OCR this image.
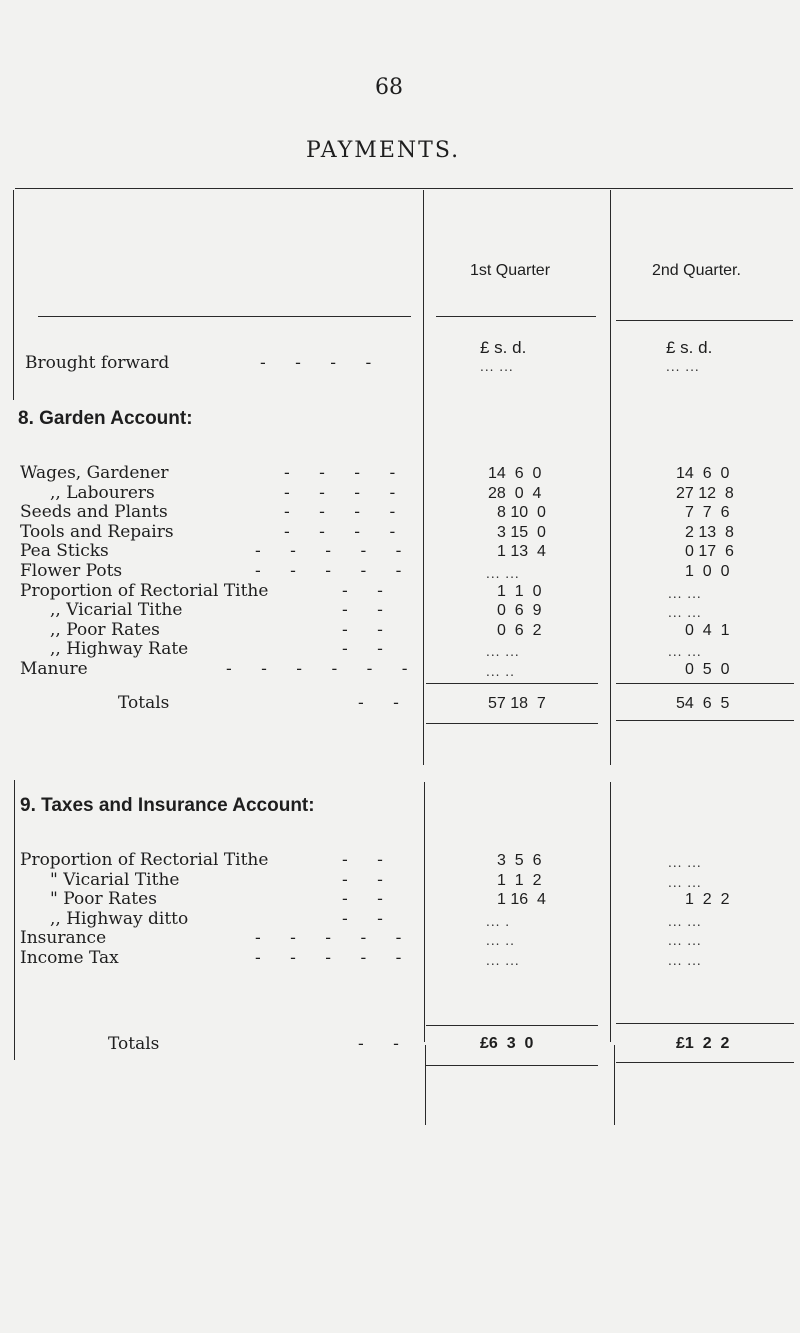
68
PAYMENTS.
1st Quarter	2nd Quarter.
£ s. d.	£ s. d.
Brought forward	- - - -	... ...	... ...
8. Garden Account:
Wages, Gardener	- - - -	14  6  0	14  6  0
,, Labourers	- - - -	28  0  4	27 12  8
Seeds and Plants	- - - -	8 10  0	7  7  6
Tools and Repairs	- - - -	3 15  0	2 13  8
Pea Sticks	- - - - -	1 13  4	0 17  6
Flower Pots	- - - - -	... ...	1  0  0
Proportion of Rectorial Tithe	- -	1  1  0	... ...
,, Vicarial Tithe	- -	0  6  9	... ...
,, Poor Rates	- -	0  6  2	0  4  1
,, Highway Rate	- -	... ...	... ...
Manure	- - - - - -	... ..	0  5  0
Totals	- -	57 18  7	54  6  5
9. Taxes and Insurance Account:
Proportion of Rectorial Tithe	- -	3  5  6	... ...
" Vicarial Tithe	- -	1  1  2	... ...
" Poor Rates	- -	1 16  4	1  2  2
,, Highway ditto	- -	... .	... ...
Insurance	- - - - -	... ..	... ...
Income Tax	- - - - -	... ...	... ...
Totals	- -	£6  3  0	£1  2  2
